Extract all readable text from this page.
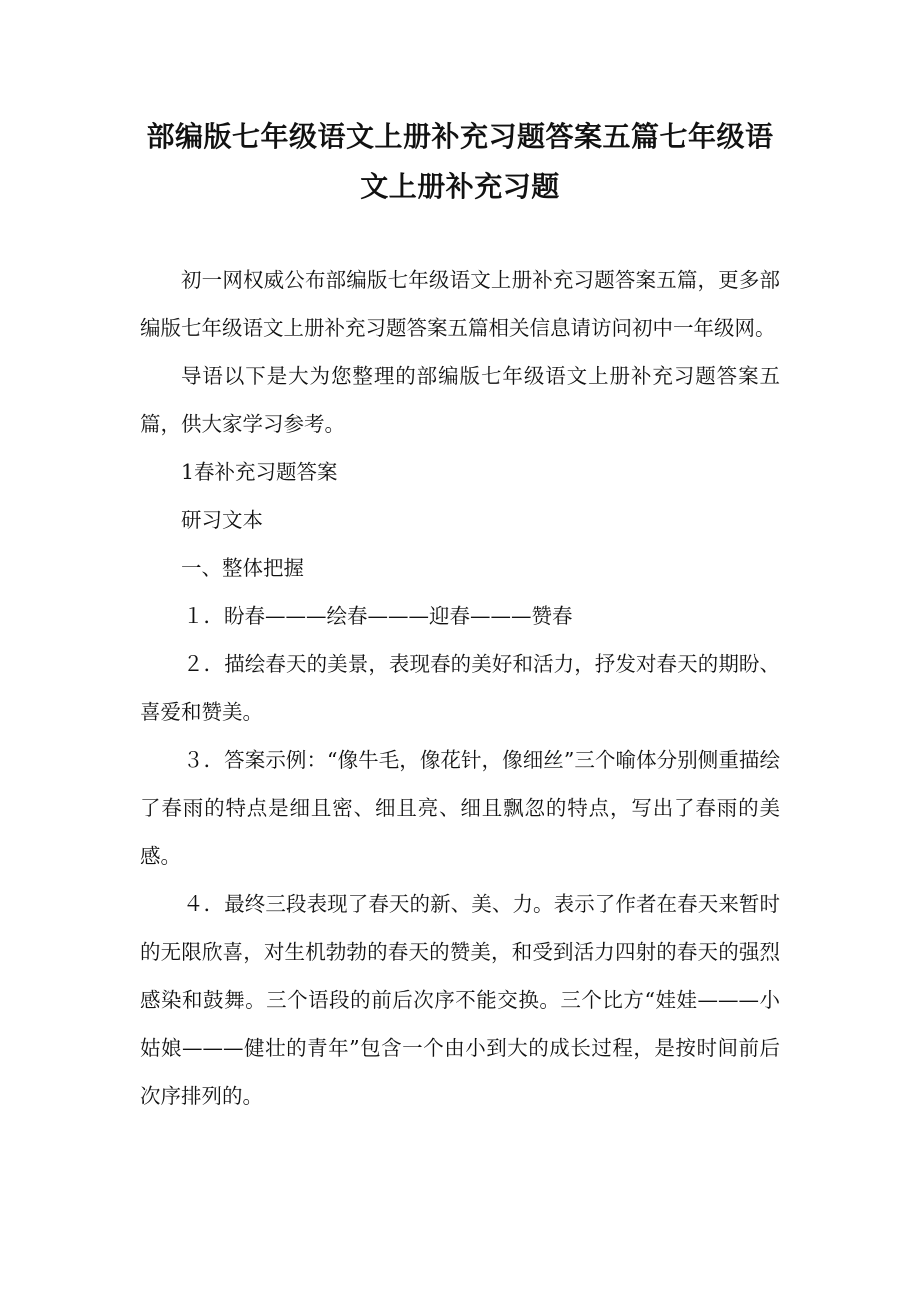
部编版七年级语文上册补充习题答案五篇七年级语
文上册补充习题

初一网权威公布部编版七年级语文上册补充习题答案五篇，更多部编版七年级语文上册补充习题答案五篇相关信息请访问初中一年级网。

导语以下是大为您整理的部编版七年级语文上册补充习题答案五篇，供大家学习参考。

1春补充习题答案

研习文本

一、整体把握

１．盼春———绘春———迎春———赞春

２．描绘春天的美景，表现春的美好和活力，抒发对春天的期盼、喜爱和赞美。

３．答案示例：“像牛毛，像花针，像细丝”三个喻体分别侧重描绘了春雨的特点是细且密、细且亮、细且飘忽的特点，写出了春雨的美感。

４．最终三段表现了春天的新、美、力。表示了作者在春天来暂时的无限欣喜，对生机勃勃的春天的赞美，和受到活力四射的春天的强烈感染和鼓舞。三个语段的前后次序不能交换。三个比方“娃娃———小姑娘———健壮的青年”包含一个由小到大的成长过程，是按时间前后次序排列的。
